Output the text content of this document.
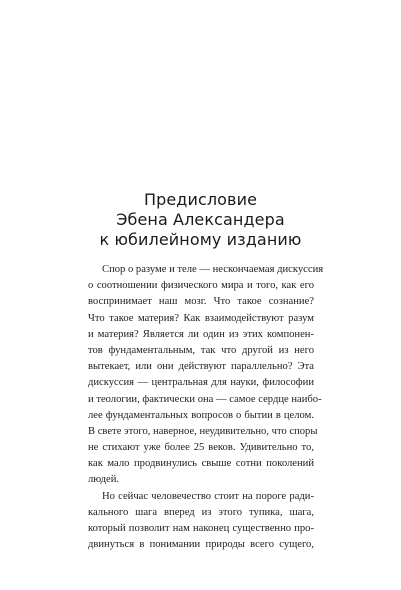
Предисловие
Эбена Александера
к юбилейному изданию
Спор о разуме и теле — нескончаемая дискуссия
о соотношении физического мира и того, как его
воспринимает наш мозг. Что такое сознание?
Что такое материя? Как взаимодействуют разум
и материя? Является ли один из этих компонен-
тов фундаментальным, так что другой из него
вытекает, или они действуют параллельно? Эта
дискуссия — центральная для науки, философии
и теологии, фактически она — самое сердце наибо-
лее фундаментальных вопросов о бытии в целом.
В свете этого, наверное, неудивительно, что споры
не стихают уже более 25 веков. Удивительно то,
как мало продвинулись свыше сотни поколений
людей.
Но сейчас человечество стоит на пороге ради-
кального шага вперед из этого тупика, шага,
который позволит нам наконец существенно про-
двинуться в понимании природы всего сущего,
